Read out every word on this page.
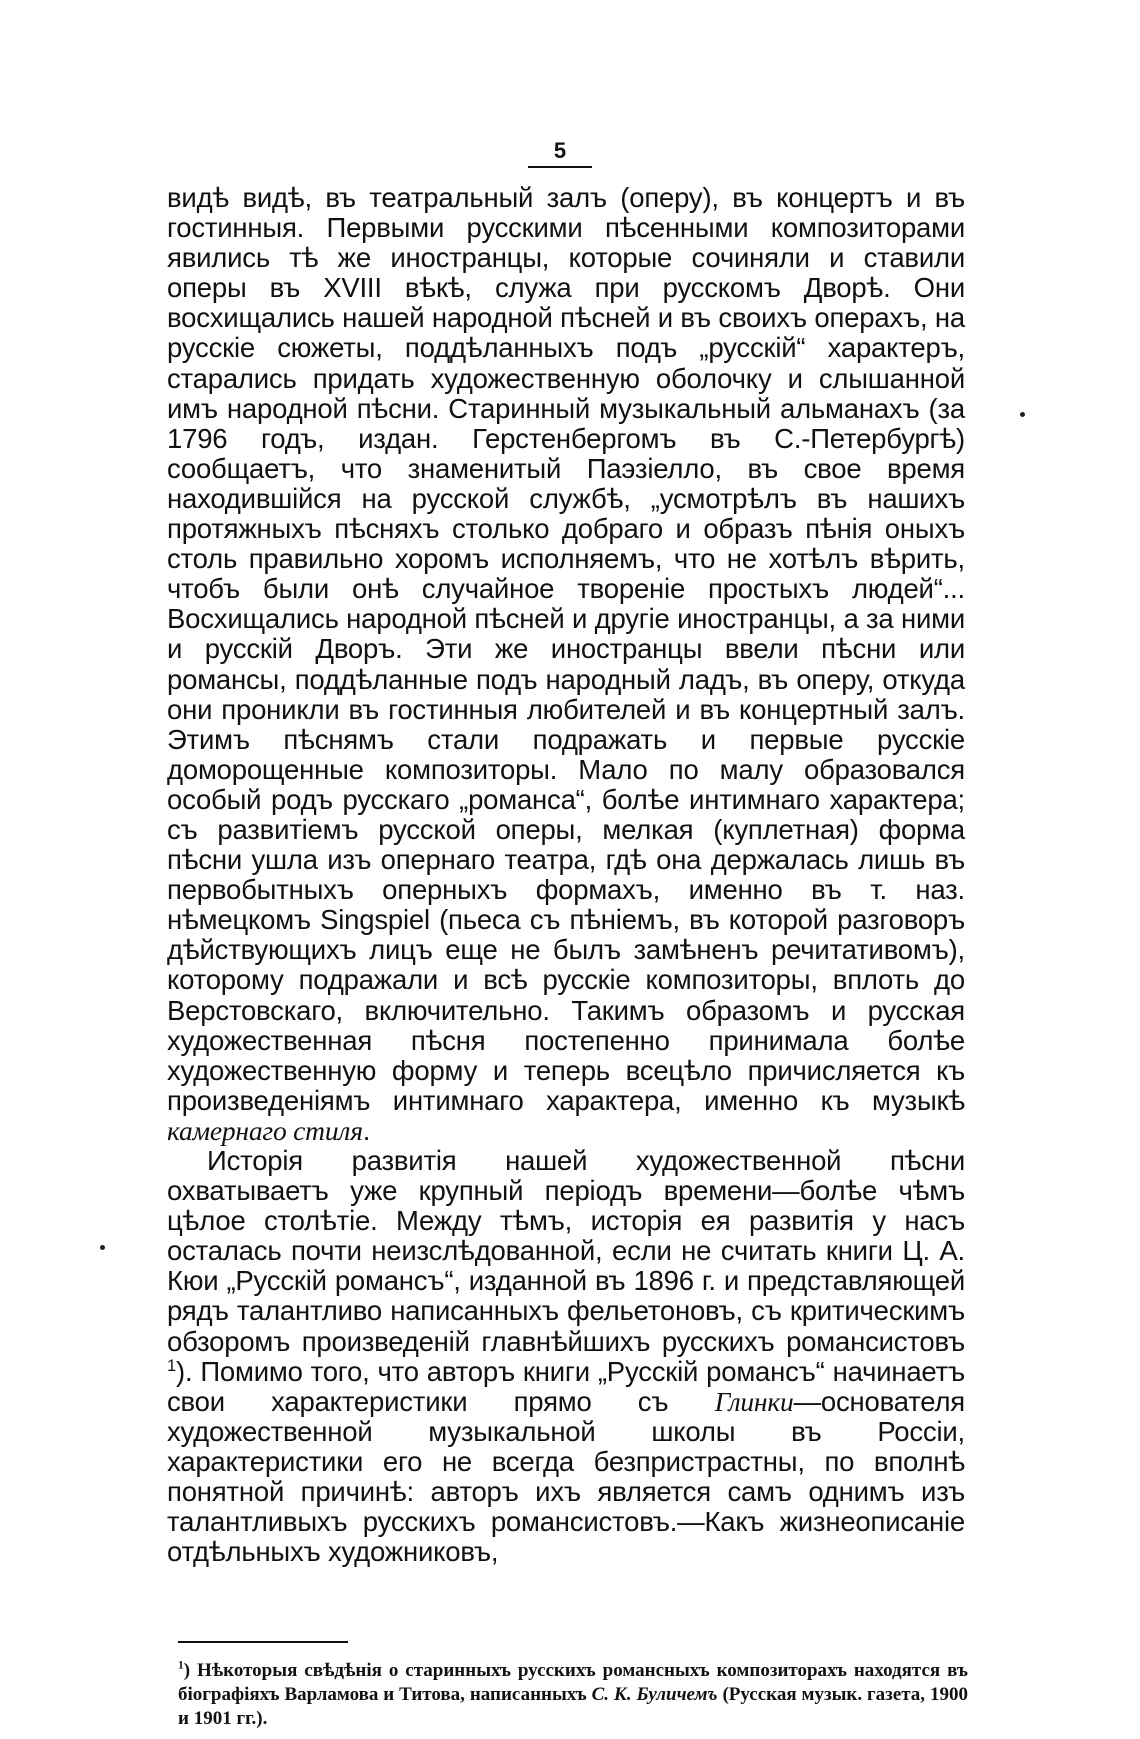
5

видѣ видѣ, въ театральный залъ (оперу), въ концертъ и въ гостинныя. Первыми русскими пѣсенными композиторами явились тѣ же иностранцы, которые сочиняли и ставили оперы въ XVIII вѣкѣ, служа при русскомъ Дворѣ. Они восхищались нашей народной пѣсней и въ своихъ операхъ, на русскіе сюжеты, поддѣланныхъ подъ „русскій“ характеръ, старались придать художественную оболочку и слышанной имъ народной пѣсни. Старинный музыкальный альманахъ (за 1796 годъ, издан. Герстенбергомъ въ С.-Петербургѣ) сообщаетъ, что знаменитый Паэзіелло, въ свое время находившійся на русской службѣ, „усмотрѣлъ въ нашихъ протяжныхъ пѣсняхъ столько добраго и образъ пѣнія оныхъ столь правильно хоромъ исполняемъ, что не хотѣлъ вѣрить, чтобъ были онѣ случайное твореніе простыхъ людей“... Восхищались народной пѣсней и другіе иностранцы, а за ними и русскій Дворъ. Эти же иностранцы ввели пѣсни или романсы, поддѣланные подъ народный ладъ, въ оперу, откуда они проникли въ гостинныя любителей и въ концертный залъ. Этимъ пѣснямъ стали подражать и первые русскіе доморощенные композиторы. Мало по малу образовался особый родъ русскаго „романса“, болѣе интимнаго характера; съ развитіемъ русской оперы, мелкая (куплетная) форма пѣсни ушла изъ опернаго театра, гдѣ она держалась лишь въ первобытныхъ оперныхъ формахъ, именно въ т. наз. нѣмецкомъ Singspiel (пьеса съ пѣніемъ, въ которой разговоръ дѣйствующихъ лицъ еще не былъ замѣненъ речитативомъ), которому подражали и всѣ русскіе композиторы, вплоть до Верстовскаго, включительно. Такимъ образомъ и русская художественная пѣсня постепенно принимала болѣе художественную форму и теперь всецѣло причисляется къ произведеніямъ интимнаго характера, именно къ музыкѣ камернаго стиля.

Исторія развитія нашей художественной пѣсни охватываетъ уже крупный періодъ времени—болѣе чѣмъ цѣлое столѣтіе. Между тѣмъ, исторія ея развитія у насъ осталась почти неизслѣдованной, если не считать книги Ц. А. Кюи „Русскій романсъ“, изданной въ 1896 г. и представляющей рядъ талантливо написанныхъ фельетоновъ, съ критическимъ обзоромъ произведеній главнѣйшихъ русскихъ романсистовъ $^1$). Помимо того, что авторъ книги „Русскій романсъ“ начинаетъ свои характеристики прямо съ Глинки—основателя художественной музыкальной школы въ Россіи, характеристики его не всегда безпристрастны, по вполнѣ понятной причинѣ: авторъ ихъ является самъ однимъ изъ талантливыхъ русскихъ романсистовъ.—Какъ жизнеописаніе отдѣльныхъ художниковъ,

$^1$) Нѣкоторыя свѣдѣнія о старинныхъ русскихъ романсныхъ композиторахъ находятся въ біографіяхъ Варламова и Титова, написанныхъ С. К. Буличемъ (Русская музык. газета, 1900 и 1901 гг.).
